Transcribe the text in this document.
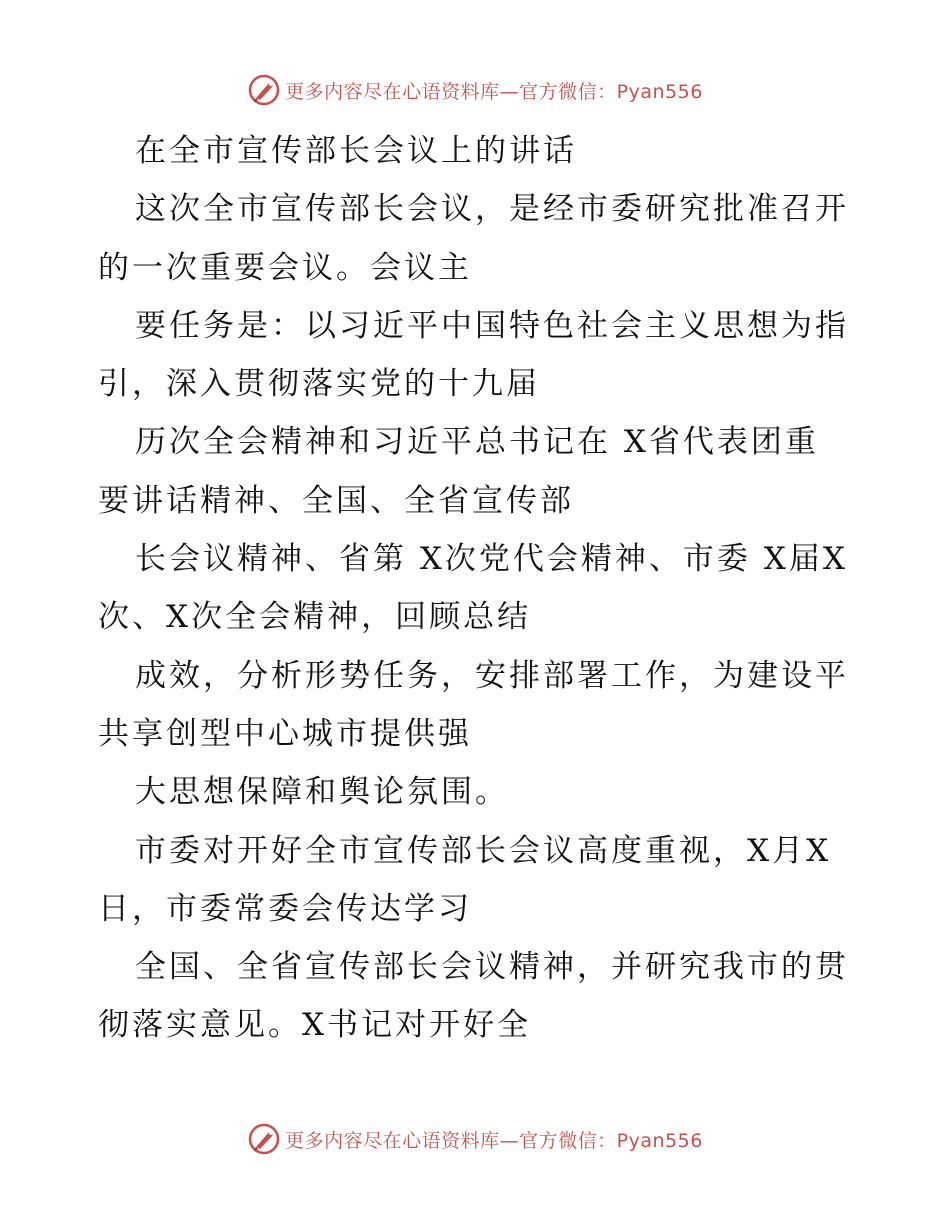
更多内容尽在心语资料库—官方微信：Pyan556
在全市宣传部长会议上的讲话
这次全市宣传部长会议，是经市委研究批准召开
的一次重要会议。会议主
要任务是：以习近平中国特色社会主义思想为指
引，深入贯彻落实党的十九届
历次全会精神和习近平总书记在 X省代表团重
要讲话精神、全国、全省宣传部
长会议精神、省第 X次党代会精神、市委 X届X
次、X次全会精神，回顾总结
成效，分析形势任务，安排部署工作，为建设平
共享创型中心城市提供强
大思想保障和舆论氛围。
市委对开好全市宣传部长会议高度重视，X月X
日，市委常委会传达学习
全国、全省宣传部长会议精神，并研究我市的贯
彻落实意见。X书记对开好全
更多内容尽在心语资料库—官方微信：Pyan556
